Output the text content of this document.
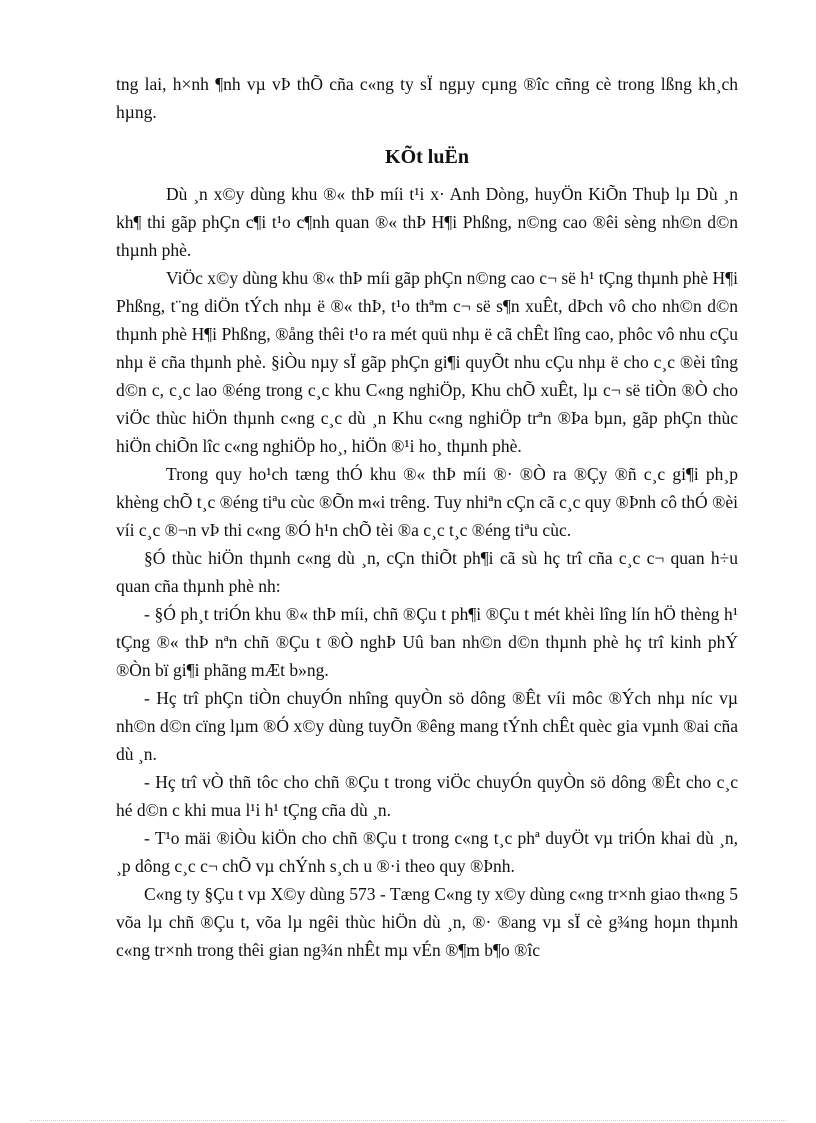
tng lai, h×nh ¶nh vµ vÞ thÕ cña c«ng ty sÏ ngµy cµng ®îc cñng cè trong lßng kh¸ch hµng.

KÕt luËn

Dù ¸n x©y dùng khu ®« thÞ míi t¹i x· Anh Dòng, huyÖn KiÕn Thuþ lµ Dù ¸n kh¶ thi gãp phÇn c¶i t¹o c¶nh quan ®« thÞ H¶i Phßng, n©ng cao ®êi sèng nh©n d©n thµnh phè.

ViÖc x©y dùng khu ®« thÞ míi gãp phÇn n©ng cao c¬ së h¹ tÇng thµnh phè H¶i Phßng, t¨ng diÖn tÝch nhµ ë ®« thÞ, t¹o thªm c¬ së s¶n xuÊt, dÞch vô cho nh©n d©n thµnh phè H¶i Phßng, ®ång thêi t¹o ra mét quü nhµ ë cã chÊt lîng cao, phôc vô nhu cÇu nhµ ë cña thµnh phè. §iÒu nµy sÏ gãp phÇn gi¶i quyÕt nhu cÇu nhµ ë cho c¸c ®èi tîng d©n c, c¸c lao ®éng trong c¸c khu C«ng nghiÖp, Khu chÕ xuÊt, lµ c¬ së tiÒn ®Ò cho viÖc thùc hiÖn thµnh c«ng c¸c dù ¸n Khu c«ng nghiÖp trªn ®Þa bµn, gãp phÇn thùc hiÖn chiÕn lîc c«ng nghiÖp ho¸, hiÖn ®¹i ho¸ thµnh phè.

Trong quy ho¹ch tæng thÓ khu ®« thÞ míi ®· ®Ò ra ®Çy ®ñ c¸c gi¶i ph¸p khèng chÕ t¸c ®éng tiªu cùc ®Õn m«i trêng. Tuy nhiªn cÇn cã c¸c quy ®Þnh cô thÓ ®èi víi c¸c ®¬n vÞ thi c«ng ®Ó h¹n chÕ tèi ®a c¸c t¸c ®éng tiªu cùc.

§Ó thùc hiÖn thµnh c«ng dù ¸n, cÇn thiÕt ph¶i cã sù hç trî cña c¸c c¬ quan h÷u quan cña thµnh phè nh:

- §Ó ph¸t triÓn khu ®« thÞ míi, chñ ®Çu t ph¶i ®Çu t mét khèi lîng lín hÖ thèng h¹ tÇng ®« thÞ nªn chñ ®Çu t ®Ò nghÞ Uû ban nh©n d©n thµnh phè hç trî kinh phÝ ®Òn bï gi¶i phãng mÆt b»ng.

- Hç trî phÇn tiÒn chuyÓn nhîng quyÒn sö dông ®Êt víi môc ®Ých nhµ níc vµ nh©n d©n cïng lµm ®Ó x©y dùng tuyÕn ®êng mang tÝnh chÊt quèc gia vµnh ®ai cña dù ¸n.

- Hç trî vÒ thñ tôc cho chñ ®Çu t trong viÖc chuyÓn quyÒn sö dông ®Êt cho c¸c hé d©n c khi mua l¹i h¹ tÇng cña dù ¸n.

- T¹o mäi ®iÒu kiÖn cho chñ ®Çu t trong c«ng t¸c phª duyÖt vµ triÓn khai dù ¸n, ¸p dông c¸c c¬ chÕ vµ chÝnh s¸ch u ®·i theo quy ®Þnh.

C«ng ty §Çu t vµ X©y dùng 573 - Tæng C«ng ty x©y dùng c«ng tr×nh giao th«ng 5 võa lµ chñ ®Çu t, võa lµ ngêi thùc hiÖn dù ¸n, ®· ®ang vµ sÏ cè g¾ng hoµn thµnh c«ng tr×nh trong thêi gian ng¾n nhÊt mµ vÉn ®¶m b¶o ®îc
